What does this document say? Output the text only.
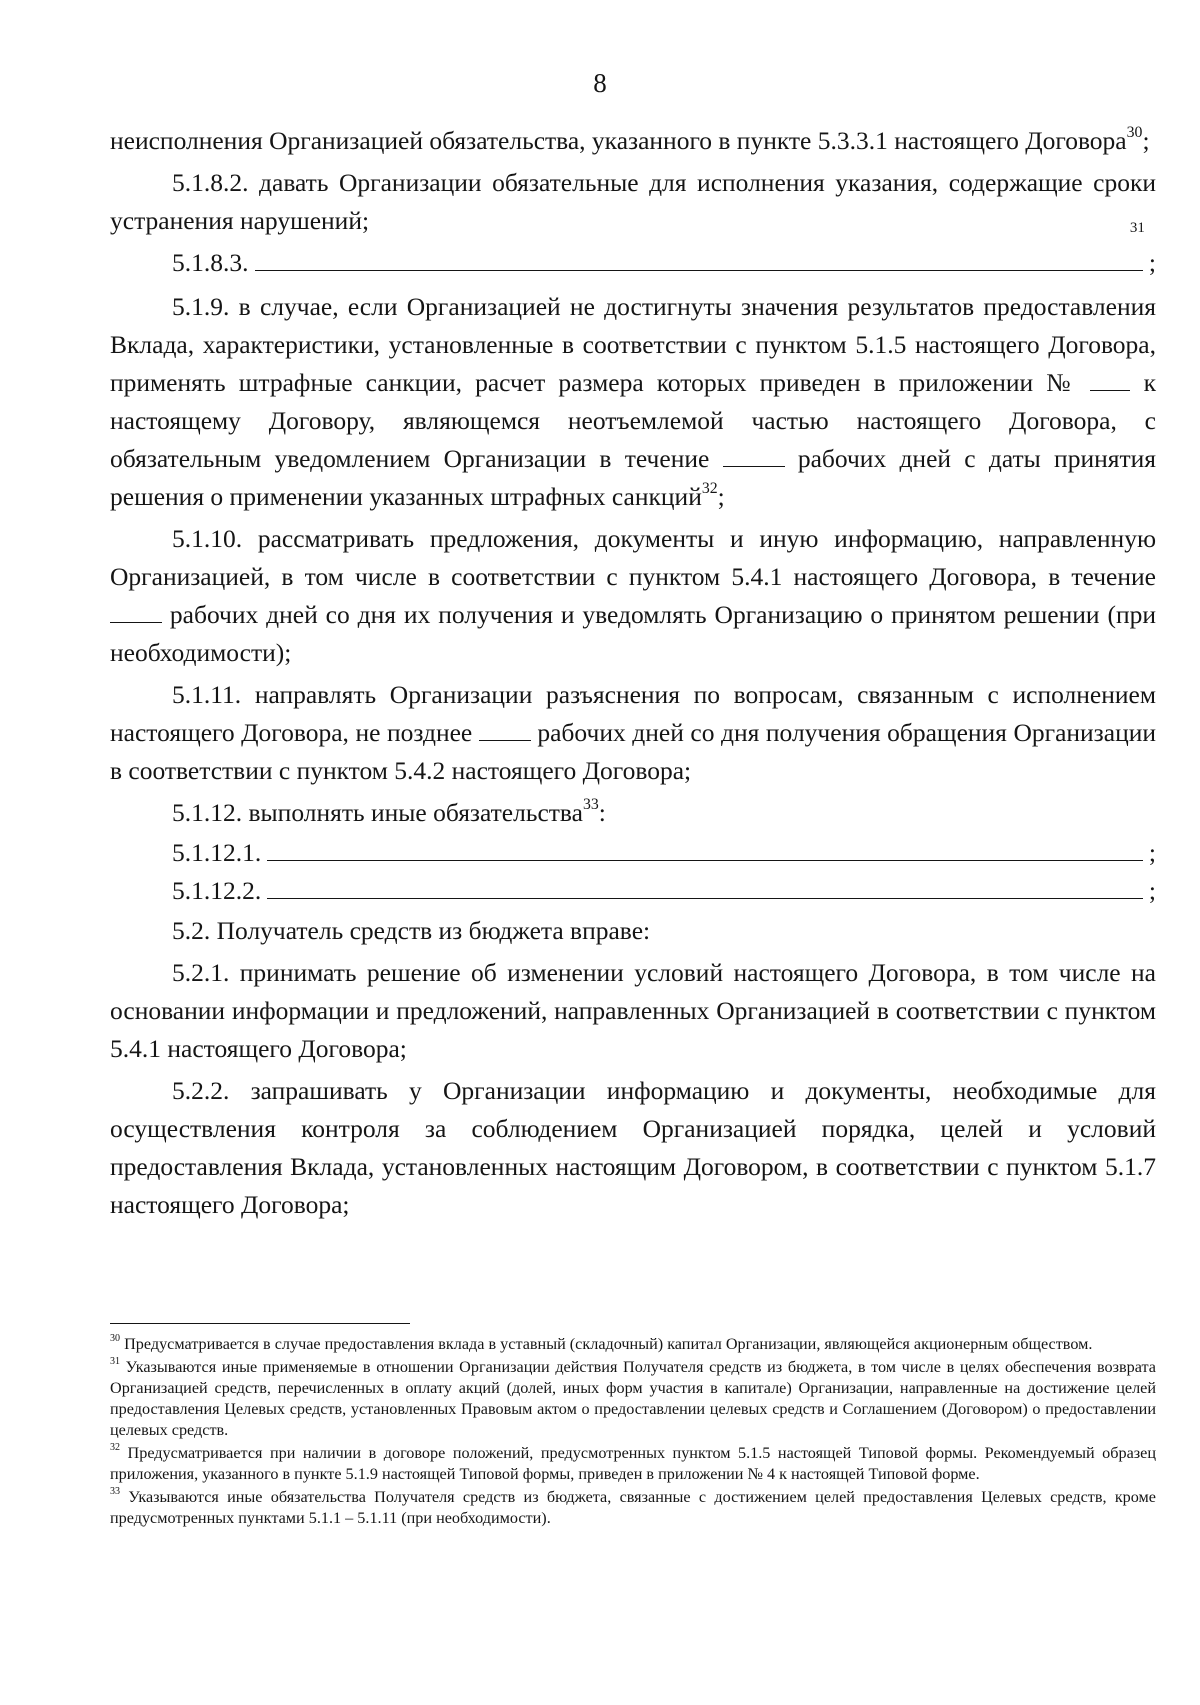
8

неисполнения Организацией обязательства, указанного в пункте 5.3.3.1 настоящего Договора$^{30}$;

5.1.8.2. давать Организации обязательные для исполнения указания, содержащие сроки устранения нарушений;

5.1.8.3.
31
;

5.1.9. в случае, если Организацией не достигнуты значения результатов предоставления Вклада, характеристики, установленные в соответствии с пунктом 5.1.5 настоящего Договора, применять штрафные санкции, расчет размера которых приведен в приложении №	к настоящему Договору, являющемся неотъемлемой частью настоящего Договора, с обязательным уведомлением Организации в течение	рабочих дней с даты принятия решения о применении указанных штрафных санкций$^{32}$;

5.1.10. рассматривать предложения, документы и иную информацию, направленную Организацией, в том числе в соответствии с пунктом 5.4.1 настоящего Договора, в течение  рабочих дней со дня их получения и уведомлять Организацию о принятом решении (при необходимости);

5.1.11. направлять Организации разъяснения по вопросам, связанным с исполнением настоящего Договора, не позднее	рабочих дней со дня получения обращения Организации в соответствии с пунктом 5.4.2 настоящего Договора;

5.1.12. выполнять иные обязательства$^{33}$:

5.1.12.1.	;
5.1.12.2.	;

5.2. Получатель средств из бюджета вправе:

5.2.1. принимать решение об изменении условий настоящего Договора, в том числе на основании информации и предложений, направленных Организацией в соответствии с пунктом 5.4.1 настоящего Договора;

5.2.2. запрашивать у Организации информацию и документы, необходимые для осуществления контроля за соблюдением Организацией порядка, целей и условий предоставления Вклада, установленных настоящим Договором, в соответствии с пунктом 5.1.7 настоящего Договора;

$^{30}$ Предусматривается в случае предоставления вклада в уставный (складочный) капитал Организации, являющейся акционерным обществом.

$^{31}$ Указываются иные применяемые в отношении Организации действия Получателя средств из бюджета, в том числе в целях обеспечения возврата Организацией средств, перечисленных в оплату акций (долей, иных форм участия в капитале) Организации, направленные на достижение целей предоставления Целевых средств, установленных Правовым актом о предоставлении целевых средств и Соглашением (Договором) о предоставлении целевых средств.

$^{32}$ Предусматривается при наличии в договоре положений, предусмотренных пунктом 5.1.5 настоящей Типовой формы. Рекомендуемый образец приложения, указанного в пункте 5.1.9 настоящей Типовой формы, приведен в приложении № 4 к настоящей Типовой форме.

$^{33}$ Указываются иные обязательства Получателя средств из бюджета, связанные с достижением целей предоставления Целевых средств, кроме предусмотренных пунктами 5.1.1 – 5.1.11 (при необходимости).
